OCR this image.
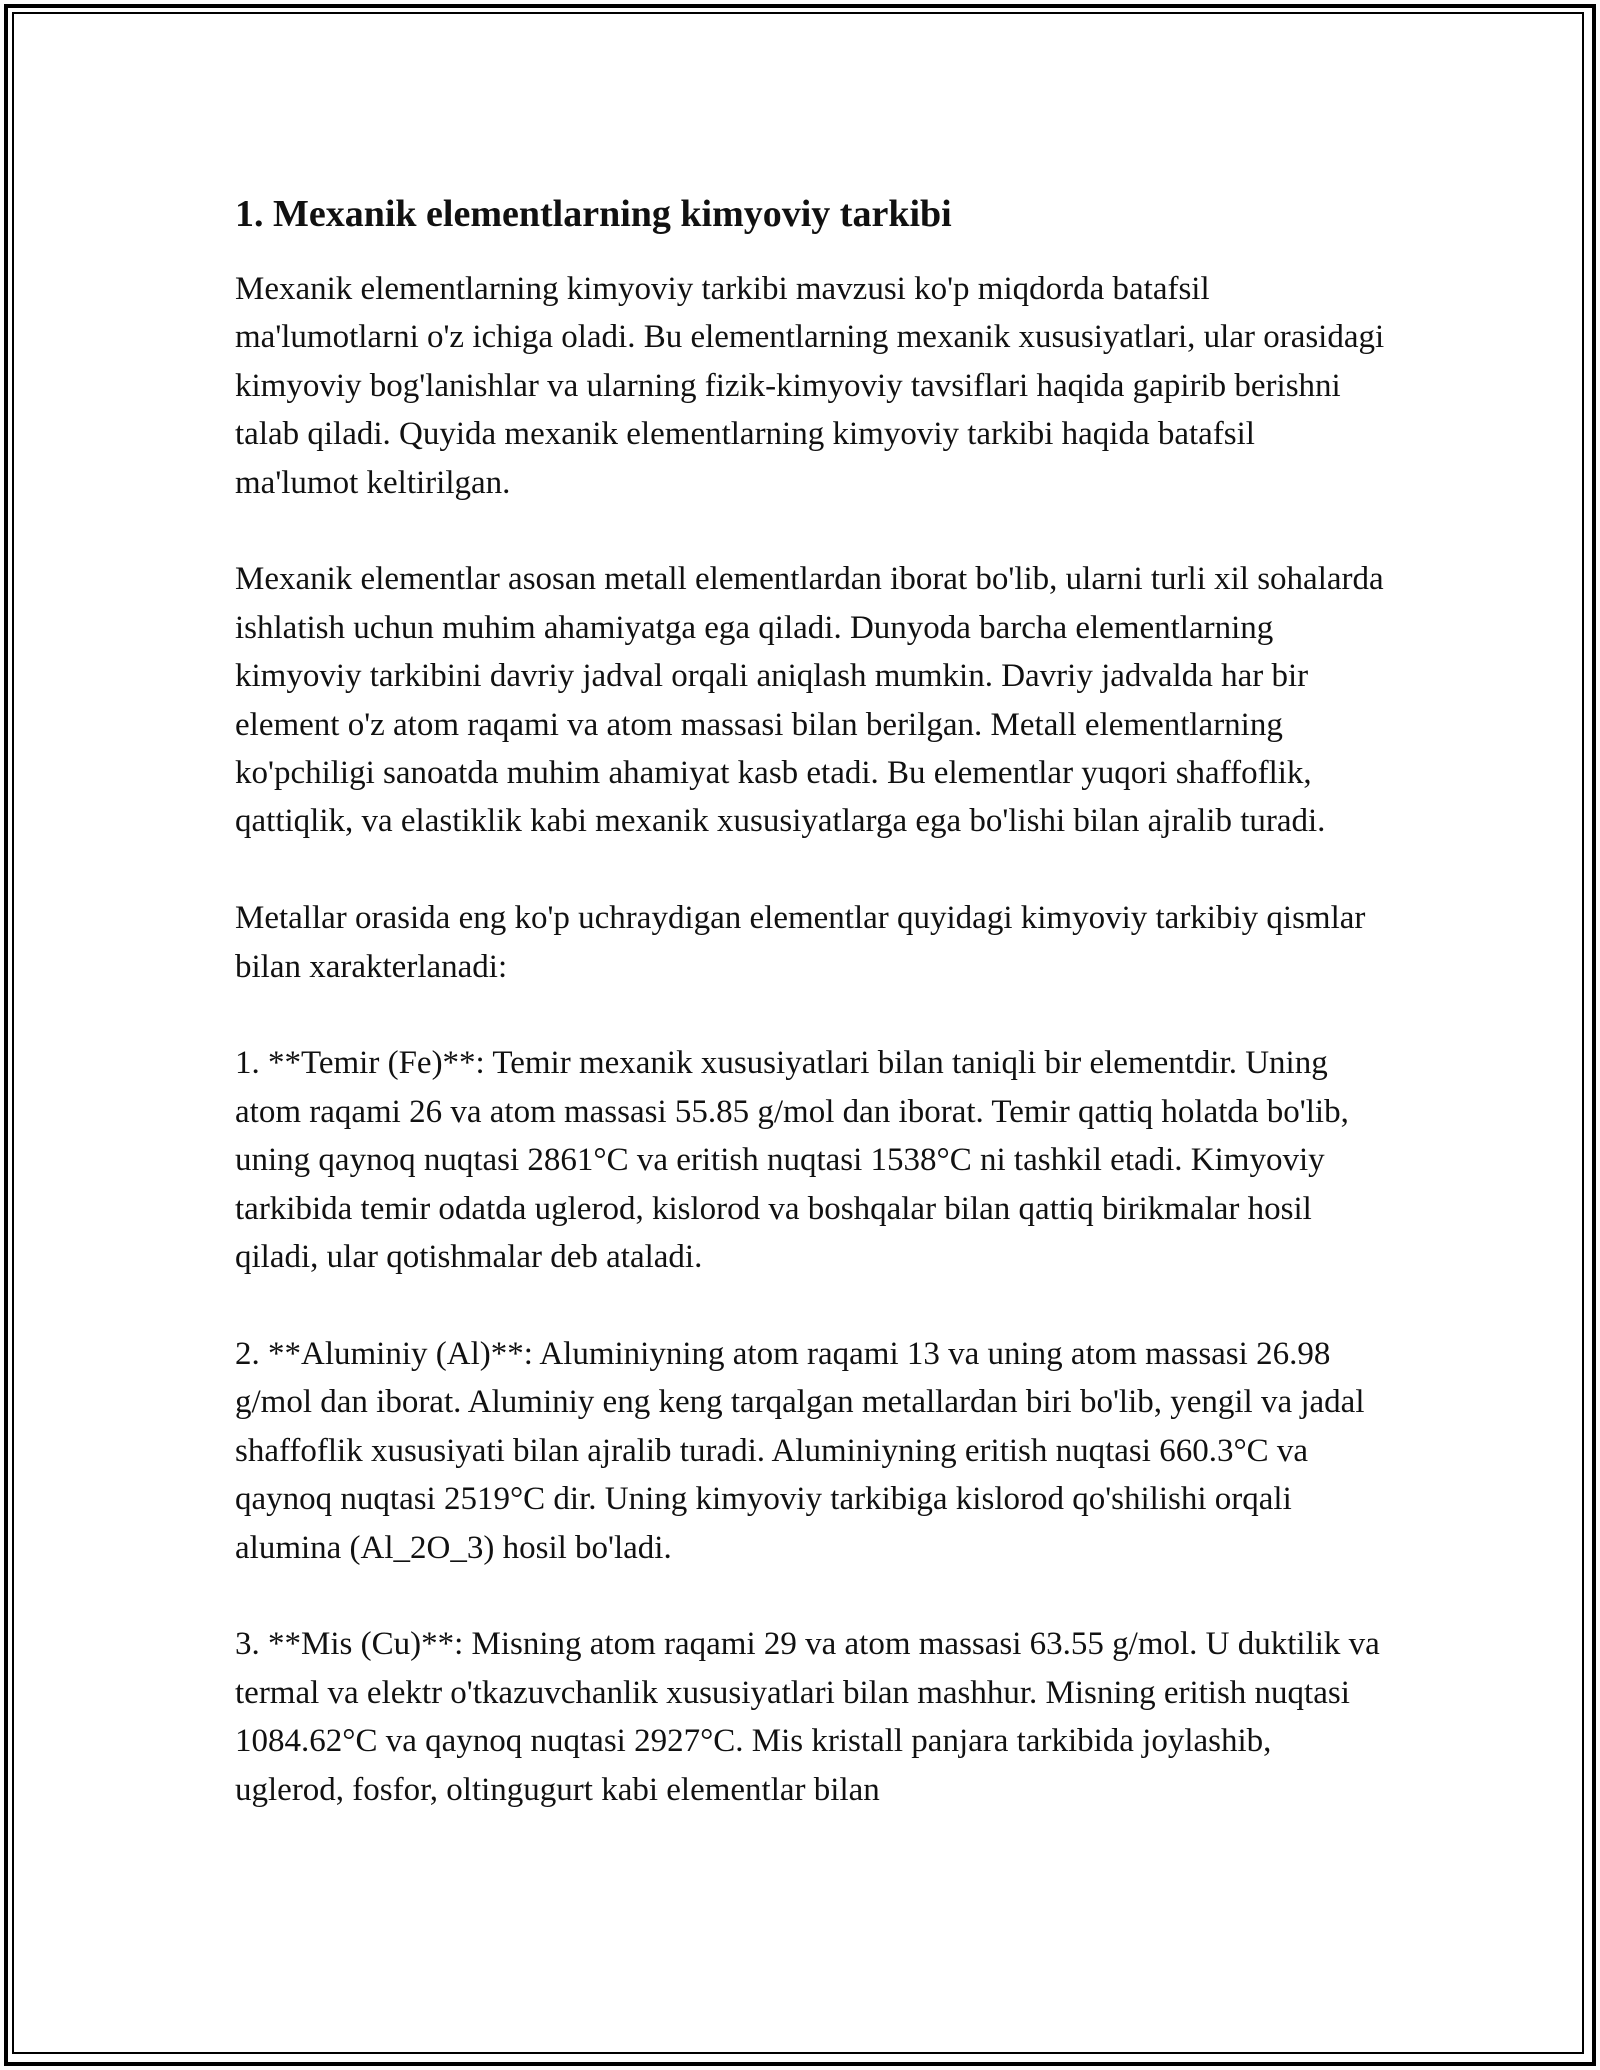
1. Mexanik elementlarning kimyoviy tarkibi

Mexanik elementlarning kimyoviy tarkibi mavzusi ko'p miqdorda batafsil ma'lumotlarni o'z ichiga oladi. Bu elementlarning mexanik xususiyatlari, ular orasidagi kimyoviy bog'lanishlar va ularning fizik-kimyoviy tavsiflari haqida gapirib berishni talab qiladi. Quyida mexanik elementlarning kimyoviy tarkibi haqida batafsil ma'lumot keltirilgan.

Mexanik elementlar asosan metall elementlardan iborat bo'lib, ularni turli xil sohalarda ishlatish uchun muhim ahamiyatga ega qiladi. Dunyoda barcha elementlarning kimyoviy tarkibini davriy jadval orqali aniqlash mumkin. Davriy jadvalda har bir element o'z atom raqami va atom massasi bilan berilgan. Metall elementlarning ko'pchiligi sanoatda muhim ahamiyat kasb etadi. Bu elementlar yuqori shaffoflik, qattiqlik, va elastiklik kabi mexanik xususiyatlarga ega bo'lishi bilan ajralib turadi.

Metallar orasida eng ko'p uchraydigan elementlar quyidagi kimyoviy tarkibiy qismlar bilan xarakterlanadi:

1. **Temir (Fe)**: Temir mexanik xususiyatlari bilan taniqli bir elementdir. Uning atom raqami 26 va atom massasi 55.85 g/mol dan iborat. Temir qattiq holatda bo'lib, uning qaynoq nuqtasi 2861°C va eritish nuqtasi 1538°C ni tashkil etadi. Kimyoviy tarkibida temir odatda uglerod, kislorod va boshqalar bilan qattiq birikmalar hosil qiladi, ular qotishmalar deb ataladi.

2. **Aluminiy (Al)**: Aluminiyning atom raqami 13 va uning atom massasi 26.98 g/mol dan iborat. Aluminiy eng keng tarqalgan metallardan biri bo'lib, yengil va jadal shaffoflik xususiyati bilan ajralib turadi. Aluminiyning eritish nuqtasi 660.3°C va qaynoq nuqtasi 2519°C dir. Uning kimyoviy tarkibiga kislorod qo'shilishi orqali alumina (Al_2O_3) hosil bo'ladi.

3. **Mis (Cu)**: Misning atom raqami 29 va atom massasi 63.55 g/mol. U duktilik va termal va elektr o'tkazuvchanlik xususiyatlari bilan mashhur. Misning eritish nuqtasi 1084.62°C va qaynoq nuqtasi 2927°C. Mis kristall panjara tarkibida joylashib, uglerod, fosfor, oltingugurt kabi elementlar bilan
